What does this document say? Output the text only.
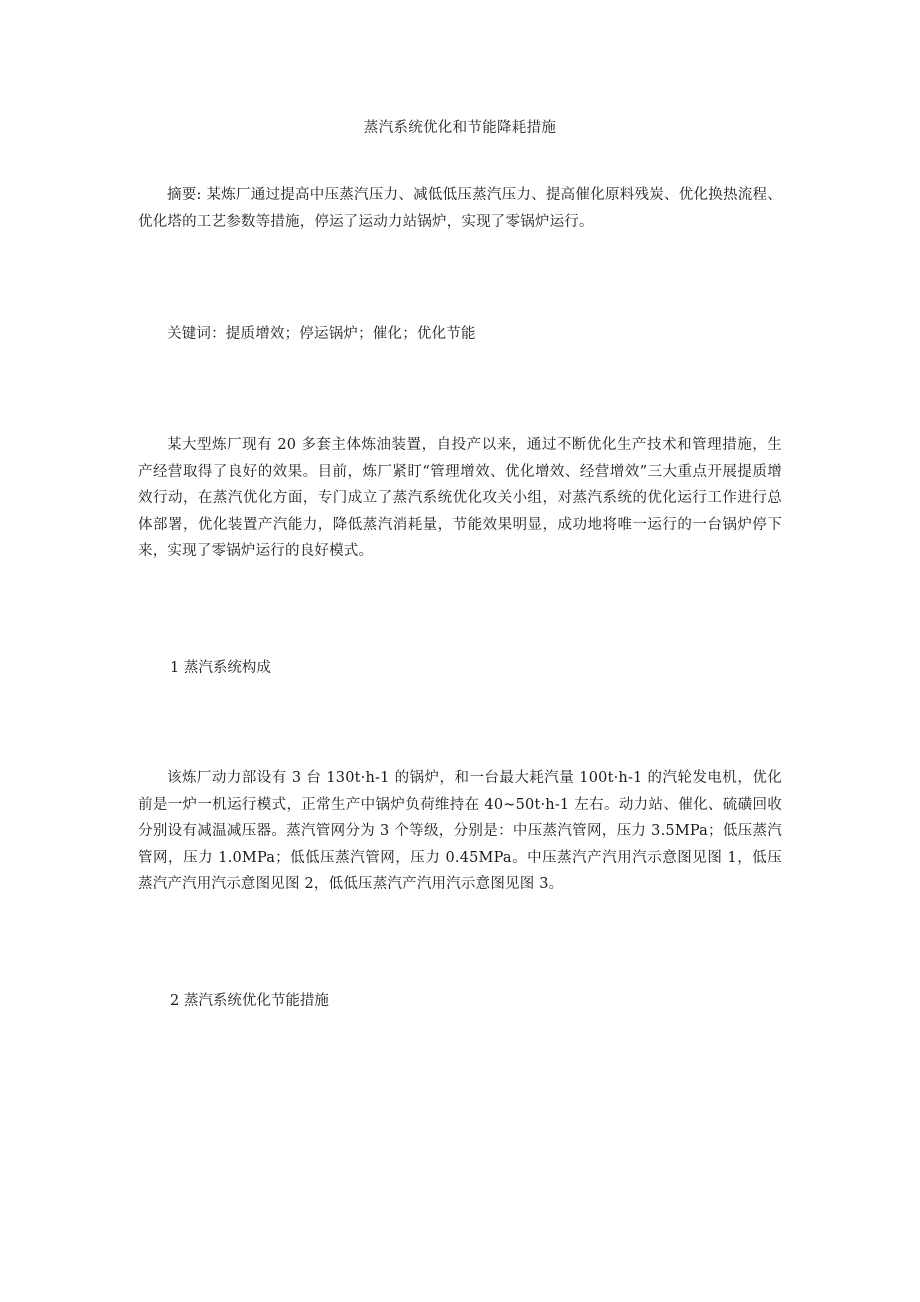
蒸汽系统优化和节能降耗措施

摘要: 某炼厂通过提高中压蒸汽压力、减低低压蒸汽压力、提高催化原料残炭、优化换热流程、优化塔的工艺参数等措施，停运了运动力站锅炉，实现了零锅炉运行。

关键词：提质增效；停运锅炉；催化；优化节能

某大型炼厂现有 20 多套主体炼油装置，自投产以来，通过不断优化生产技术和管理措施，生产经营取得了良好的效果。目前，炼厂紧盯“管理增效、优化增效、经营增效”三大重点开展提质增效行动，在蒸汽优化方面，专门成立了蒸汽系统优化攻关小组，对蒸汽系统的优化运行工作进行总体部署，优化装置产汽能力，降低蒸汽消耗量，节能效果明显，成功地将唯一运行的一台锅炉停下来，实现了零锅炉运行的良好模式。

1 蒸汽系统构成

该炼厂动力部设有 3 台 130t·h-1 的锅炉，和一台最大耗汽量 100t·h-1 的汽轮发电机，优化前是一炉一机运行模式，正常生产中锅炉负荷维持在 40~50t·h-1 左右。动力站、催化、硫磺回收分别设有减温减压器。蒸汽管网分为 3 个等级，分别是：中压蒸汽管网，压力 3.5MPa；低压蒸汽管网，压力 1.0MPa；低低压蒸汽管网，压力 0.45MPa。中压蒸汽产汽用汽示意图见图 1，低压蒸汽产汽用汽示意图见图 2，低低压蒸汽产汽用汽示意图见图 3。

2 蒸汽系统优化节能措施
